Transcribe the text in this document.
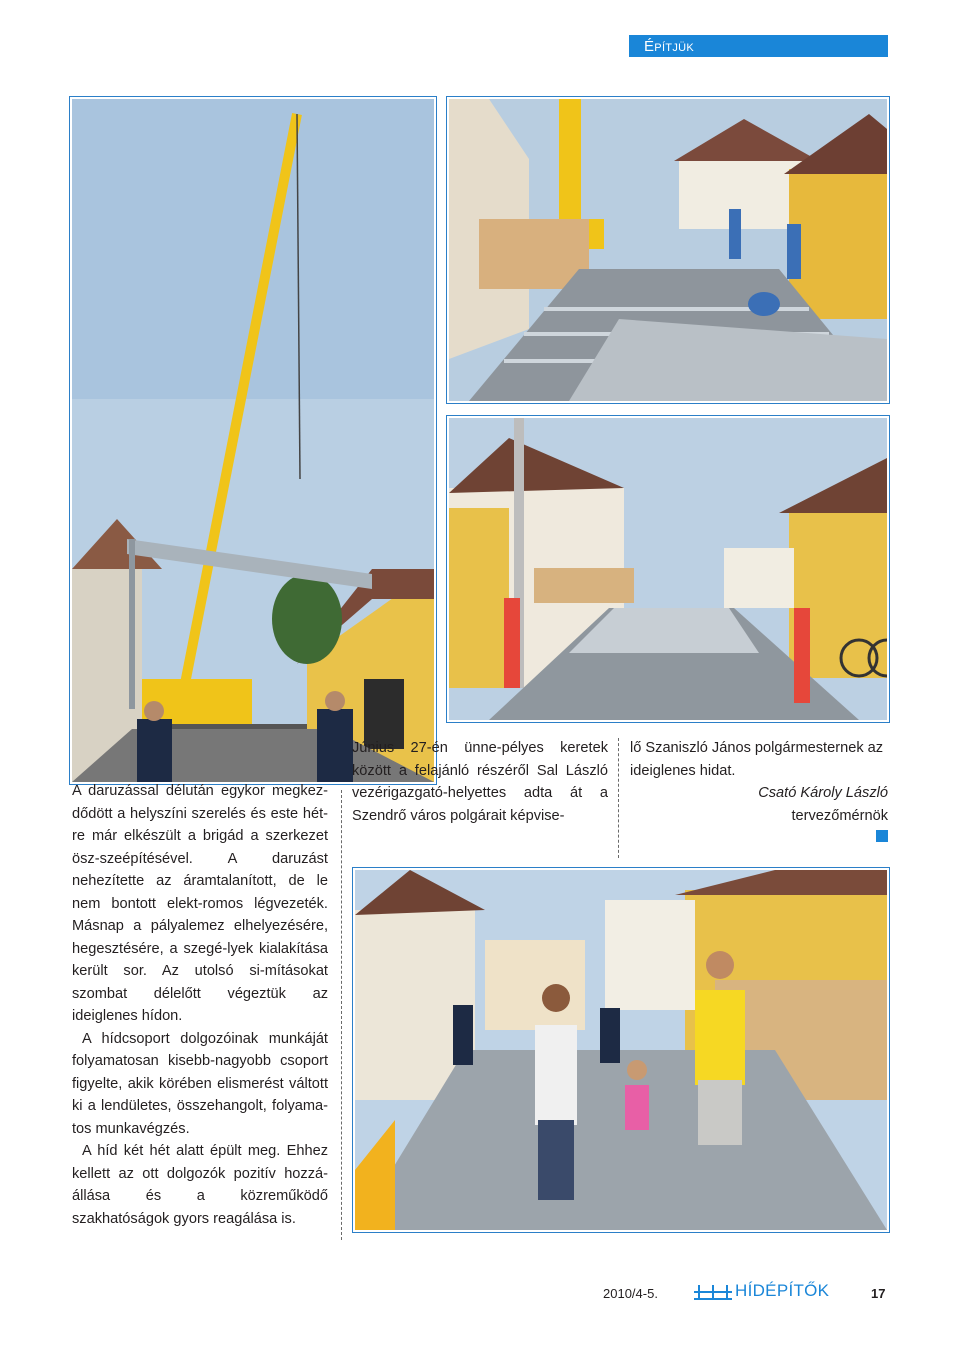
Építjük

A daruzással délután egykor megkez-dődött a helyszíni szerelés és este hét-re már elkészült a brigád a szerkezet ösz-szeépítésével. A daruzást nehezítette az áramtalanított, de le nem bontott elekt-romos légvezeték. Másnap a pályalemez elhelyezésére, hegesztésére, a szegé-lyek kialakítása került sor. Az utolsó si-mításokat szombat délelőtt végeztük az ideiglenes hídon.

A hídcsoport dolgozóinak munkáját folyamatosan kisebb-nagyobb csoport figyelte, akik körében elismerést váltott ki a lendületes, összehangolt, folyama-tos munkavégzés.

A híd két hét alatt épült meg. Ehhez kellett az ott dolgozók pozitív hozzá-állása és a közreműködő szakhatóságok gyors reagálása is.

Június 27-én ünne-pélyes keretek között a felajánló részéről Sal László vezérigazgató-helyettes adta át a Szendrő város polgárait képvise-
lő Szaniszló János polgármesternek az ideiglenes hidat.
Csató Károly László
tervezőmérnök
2010/4-5.	HÍDÉPÍTŐK	17
